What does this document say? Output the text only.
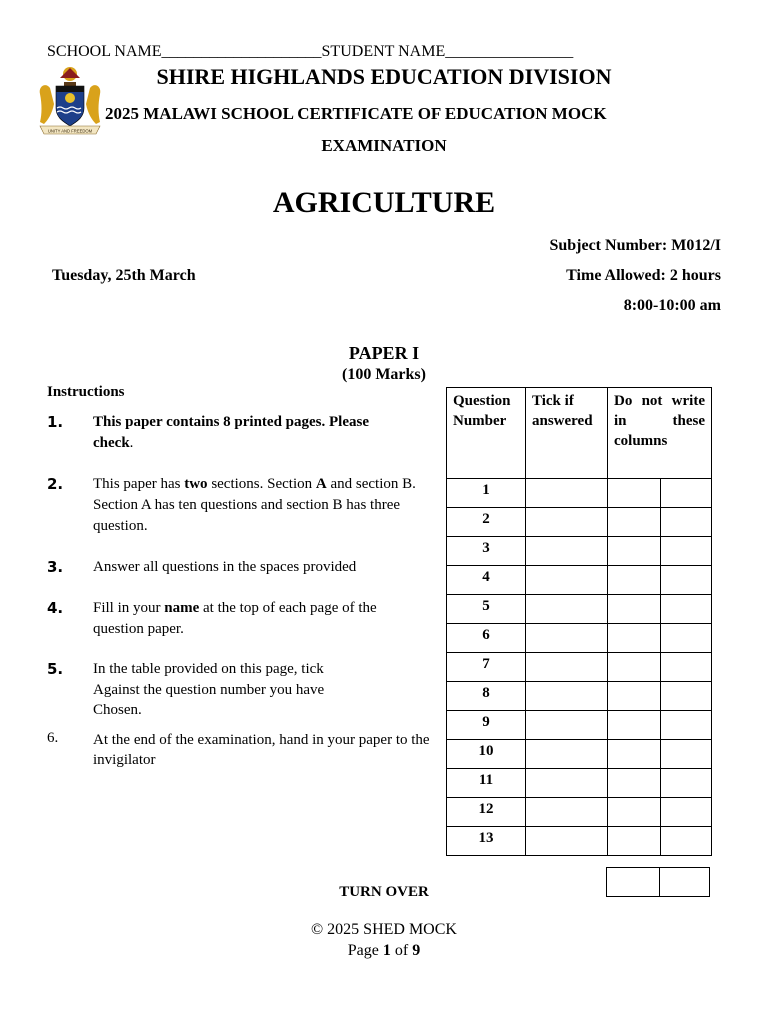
SCHOOL NAME____________________STUDENT NAME________________
UNITY AND FREEDOM
SHIRE HIGHLANDS EDUCATION DIVISION
2025 MALAWI SCHOOL CERTIFICATE OF EDUCATION MOCK
EXAMINATION
AGRICULTURE
Subject Number: M012/I
Tuesday, 25th March	Time Allowed: 2 hours
8:00-10:00 am
PAPER I
(100 Marks)
Instructions
1. This paper contains 8 printed pages. Please check.
2. This paper has two sections. Section A and section B. Section A has ten questions and section B has three question.
3. Answer all questions in the spaces provided
4. Fill in your name at the top of each page of the question paper.
5. In the table provided on this page, tick
Against the question number you have
Chosen.
6. At the end of the examination, hand in your paper to the invigilator
Question Number	Tick if answered	Do not write in these columns	
1			
2			
3			
4			
5			
6			
7			
8			
9			
10			
11			
12			
13			
TURN OVER
© 2025 SHED MOCK
Page 1 of 9
